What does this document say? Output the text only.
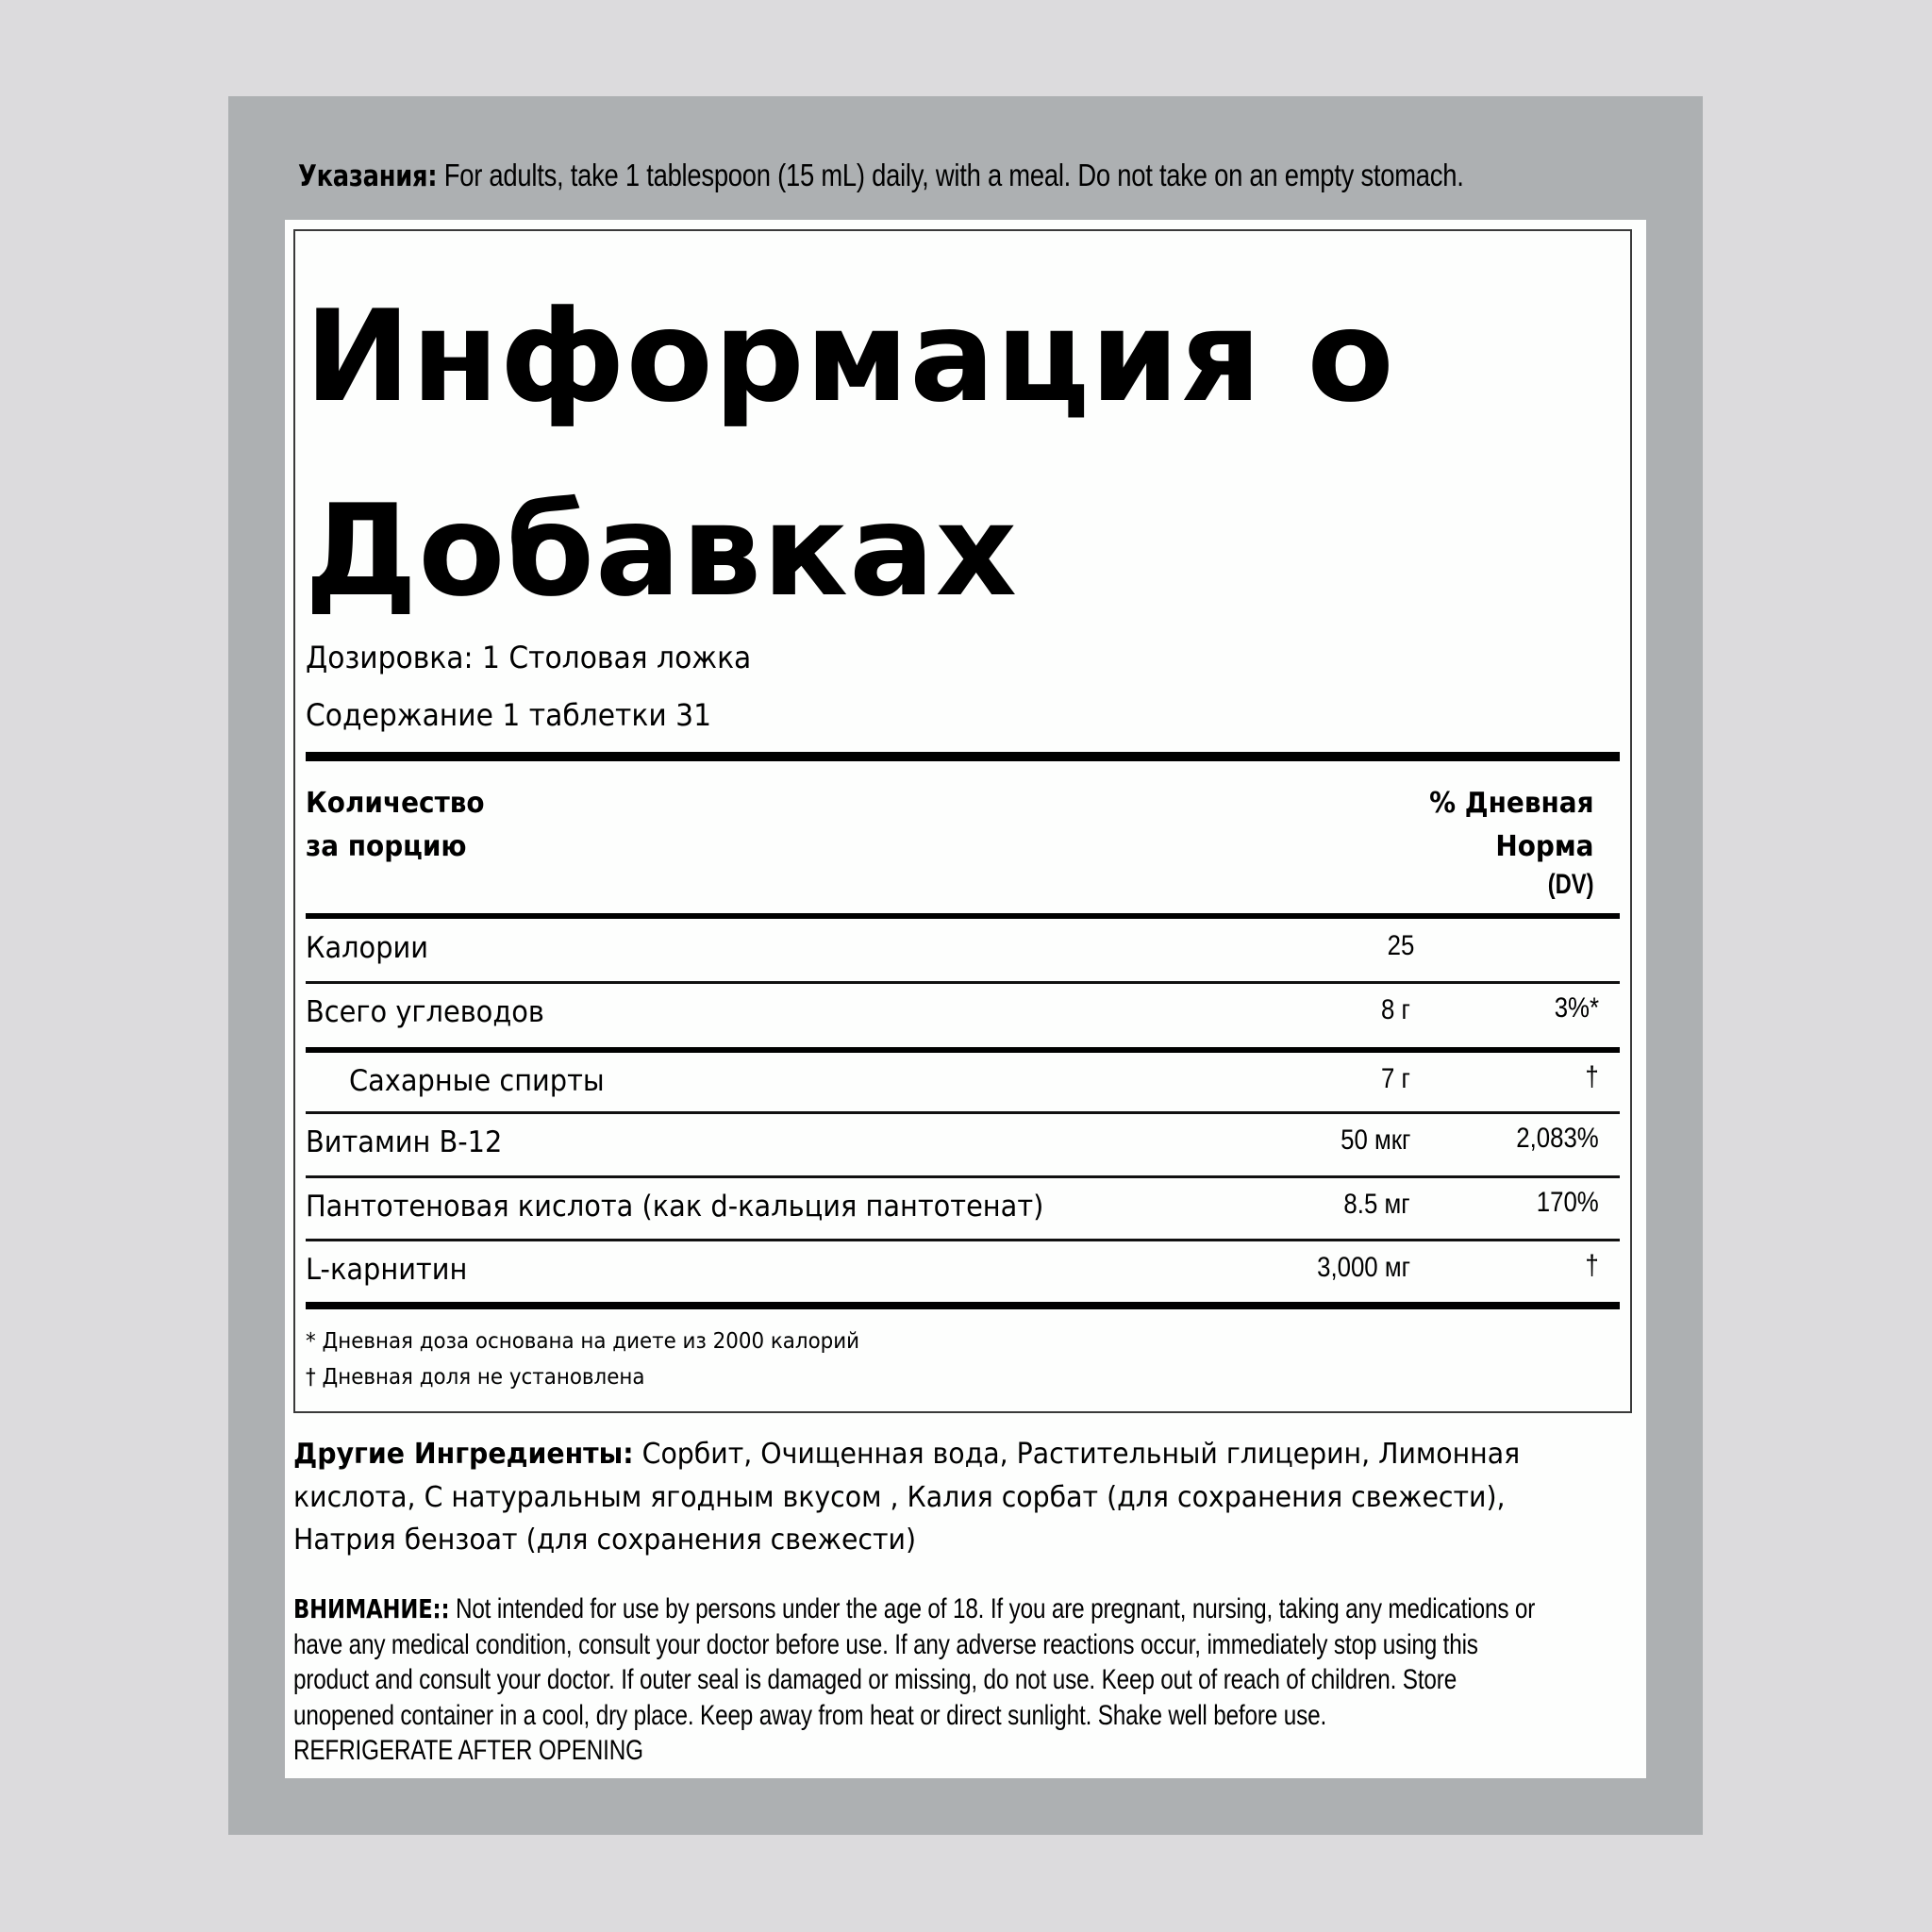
Указания: For adults, take 1 tablespoon (15 mL) daily, with a meal. Do not take on an empty stomach.
Информация о
Добавках
Дозировка: 1 Столовая ложка
Содержание 1 таблетки 31
Количество
за порцию
% Дневная
Норма
(DV)
Калории	25
Всего углеводов	8 г	3%*
Сахарные спирты	7 г	†
Витамин B-12	50 мкг	2,083%
Пантотеновая кислота (как d-кальция пантотенат)	8.5 мг	170%
L-карнитин	3,000 мг	†
* Дневная доза основана на диете из 2000 калорий
† Дневная доля не установлена
Другие Ингредиенты: Сорбит, Очищенная вода, Растительный глицерин, Лимонная кислота, С натуральным ягодным вкусом , Калия сорбат (для сохранения свежести), Натрия бензоат (для сохранения свежести)
ВНИМАНИЕ:: Not intended for use by persons under the age of 18. If you are pregnant, nursing, taking any medications or have any medical condition, consult your doctor before use. If any adverse reactions occur, immediately stop using this product and consult your doctor. If outer seal is damaged or missing, do not use. Keep out of reach of children. Store unopened container in a cool, dry place. Keep away from heat or direct sunlight. Shake well before use.
REFRIGERATE AFTER OPENING
